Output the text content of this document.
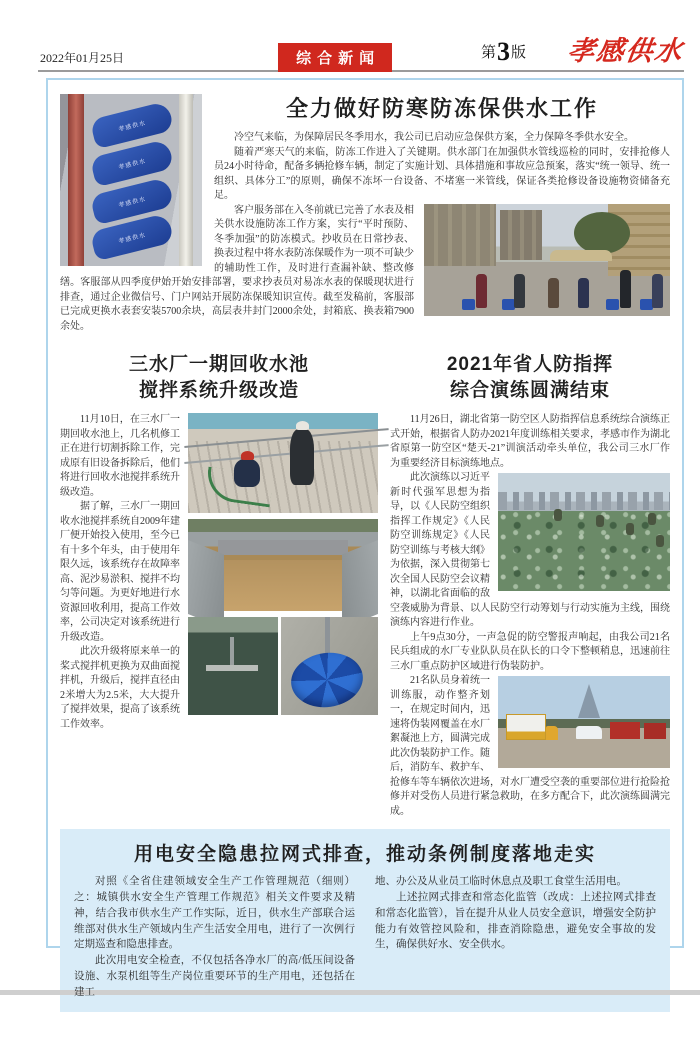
2022年01月25日	综合新闻	第3版 孝感供水
孝感供水
孝感供水
孝感供水
孝感供水
全力做好防寒防冻保供水工作

冷空气来临，为保障居民冬季用水，我公司已启动应急保供方案，全力保障冬季供水安全。

随着严寒天气的来临，防冻工作进入了关键期。供水部门在加强供水管线巡检的同时，安排抢修人员24小时待命，配备多辆抢修车辆，制定了实施计划、具体措施和事故应急预案，落实“统一领导、统一组织、具体分工”的原则，确保不冻坏一台设备、不堵塞一米管线，保证各类抢修设备设施物资储备充足。

客户服务部在入冬前就已完善了水表及相关供水设施防冻工作方案，实行“平时预防、冬季加强”的防冻模式。抄收员在日常抄表、换表过程中将水表防冻保暖作为一项不可缺少的辅助性工作，及时进行查漏补缺、整改修缮。客服部从四季度伊始开始安排部署，要求抄表员对易冻水表的保暖现状进行排查，通过企业微信号、门户网站开展防冻保暖知识宣传。截至发稿前，客服部已完成更换水表套安装5700余块，高层表井封门2000余处，封箱底、换表箱7900余处。

三水厂一期回收水池
搅拌系统升级改造

11月10日，在三水厂一期回收水池上，几名机修工正在进行切割拆除工作，完成原有旧设备拆除后，他们将进行回收水池搅拌系统升级改造。

据了解，三水厂一期回收水池搅拌系统自2009年建厂便开始投入使用，至今已有十多个年头，由于使用年限久远，该系统存在故障率高、泥沙易淤积、搅拌不均匀等问题。为更好地进行水资源回收利用，提高工作效率，公司决定对该系统进行升级改造。

此次升级将原来单一的桨式搅拌机更换为双曲面搅拌机，升级后，搅拌直径由2米增大为2.5米，大大提升了搅拌效果，提高了该系统工作效率。

2021年省人防指挥
综合演练圆满结束

11月26日，湖北省第一防空区人防指挥信息系统综合演练正式开始，根据省人防办2021年度训练相关要求，孝感市作为湖北省原第一防空区“楚天-21”训演活动牵头单位，我公司三水厂作为重要经济目标演练地点。

此次演练以习近平新时代强军思想为指导，以《人民防空组织指挥工作规定》《人民防空训练规定》《人民防空训练与考核大纲》为依据，深入贯彻第七次全国人民防空会议精神，以湖北省面临的敌空袭威胁为背景、以人民防空行动筹划与行动实施为主线，围绕演练内容进行作业。

上午9点30分，一声急促的防空警报声响起，由我公司21名民兵组成的水厂专业队队员在队长的口令下整顿稍息，迅速前往三水厂重点防护区域进行伪装防护。

21名队员身着统一训练服，动作整齐划一，在规定时间内，迅速将伪装网覆盖在水厂絮凝池上方，圆满完成此次伪装防护工作。随后，消防车、救护车、抢修车等车辆依次进场，对水厂遭受空袭的重要部位进行抢险抢修并对受伤人员进行紧急救助，在多方配合下，此次演练圆满完成。

用电安全隐患拉网式排查，推动条例制度落地走实

对照《全省住建领域安全生产工作管理规范（细则）之：城镇供水安全生产管理工作规范》相关文件要求及精神，结合我市供水生产工作实际，近日，供水生产部联合运维部对供水生产领域内生产生活安全用电，进行了一次例行定期巡查和隐患排查。

此次用电安全检查，不仅包括各净水厂的高/低压间设备设施、水泵机组等生产岗位重要环节的生产用电，还包括在建工

地、办公及从业员工临时休息点及职工食堂生活用电。

上述拉网式排查和常态化监管（改成：上述拉网式排查和常态化监管），旨在提升从业人员安全意识，增强安全防护能力有效管控风险和，排查消除隐患，避免安全事故的发生，确保供好水、安全供水。
